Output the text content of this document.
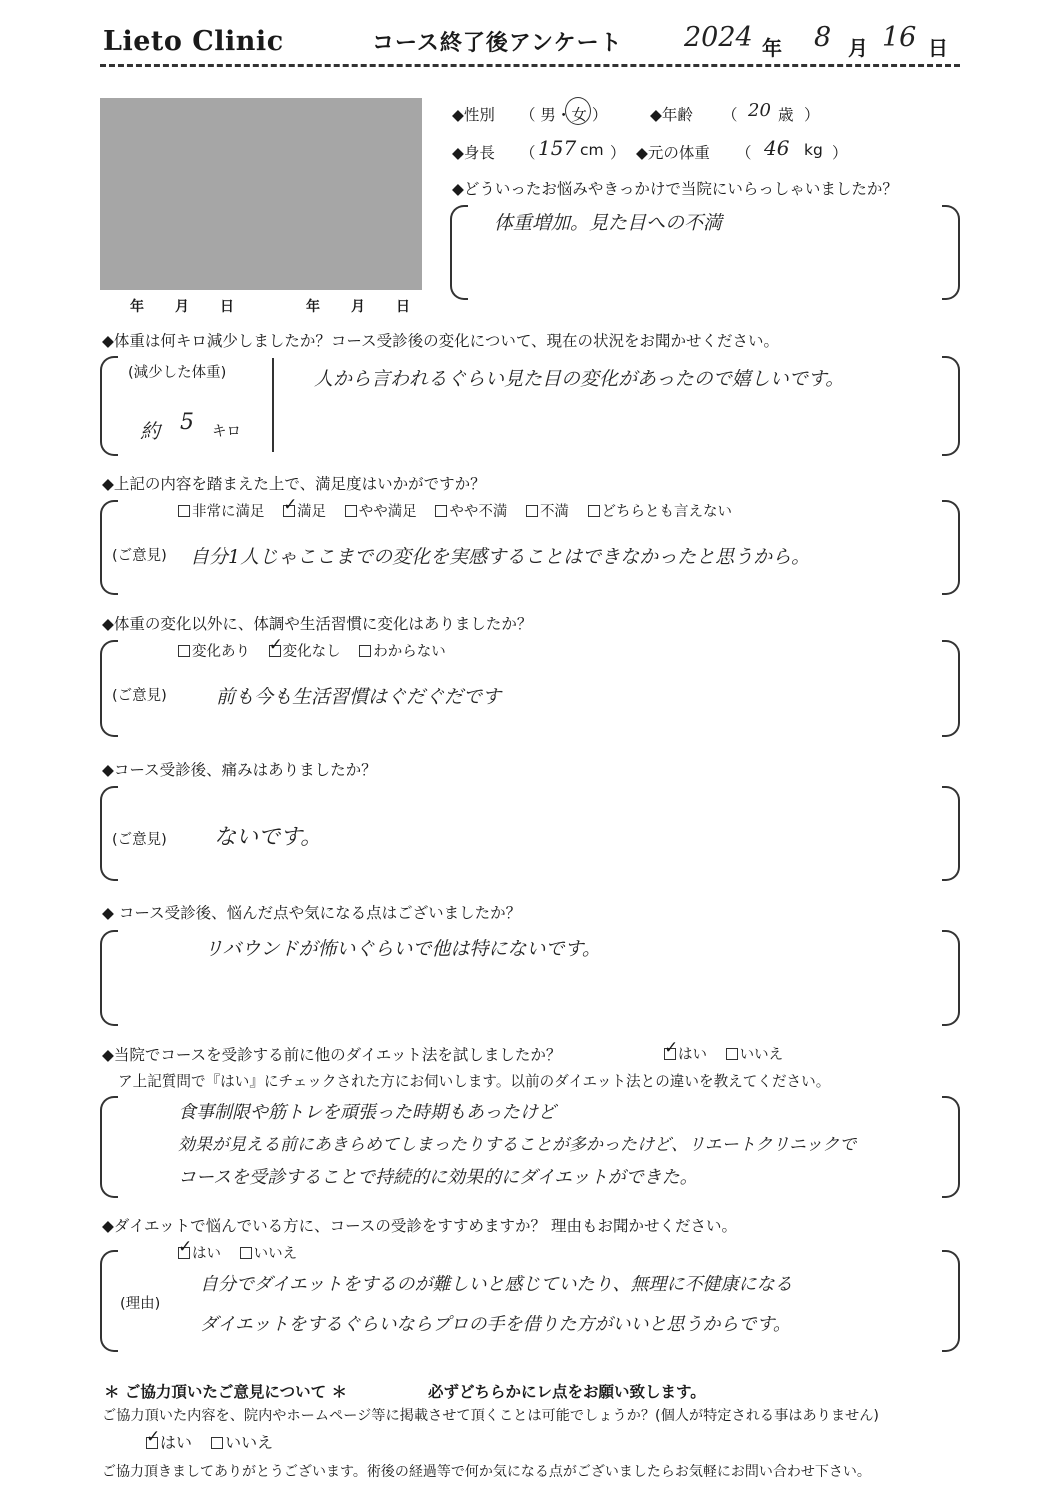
Lieto Clinic	コース終了後アンケート 2024 年 8 月 16 日
年　　月　　日	年　　月　　日
◆性別 （ 男・女 ）	◆年齢 （ 20 歳 ）
◆身長 （ 157 cm ） ◆元の体重 （ 46 kg ）
◆どういったお悩みやきっかけで当院にいらっしゃいましたか？
体重増加。見た目への不満
◆体重は何キロ減少しましたか？コース受診後の変化について、現在の状況をお聞かせください。
(減少した体重)
約 5 キロ
人から言われるぐらい見た目の変化があったので嬉しいです。
◆上記の内容を踏まえた上で、満足度はいかがですか？
非常に満足 ✓ 満足 やや満足 やや不満 不満 どちらとも言えない
(ご意見) 自分1人じゃここまでの変化を実感することはできなかったと思うから。
◆体重の変化以外に、体調や生活習慣に変化はありましたか？
変化あり ✓ 変化なし わからない
(ご意見)	前も今も生活習慣はぐだぐだです
◆コース受診後、痛みはありましたか？
(ご意見) ないです。
◆ コース受診後、悩んだ点や気になる点はございましたか？
リバウンドが怖いぐらいで他は特にないです。
◆当院でコースを受診する前に他のダイエット法を試しましたか？ ✓	はい いいえ
ア上記質問で『はい』にチェックされた方にお伺いします。以前のダイエット法との違いを教えてください。
食事制限や筋トレを頑張った時期もあったけど
効果が見える前にあきらめてしまったりすることが多かったけど、リエートクリニックで
コースを受診することで持続的に効果的にダイエットができた。
◆ダイエットで悩んでいる方に、コースの受診をすすめますか？ 理由もお聞かせください。
✓はい いいえ
(理由)
自分でダイエットをするのが難しいと感じていたり、無理に不健康になる
ダイエットをするぐらいならプロの手を借りた方がいいと思うからです。
＊ ご協力頂いたご意見について ＊	必ずどちらかにレ点をお願い致します。
ご協力頂いた内容を、院内やホームページ等に掲載させて頂くことは可能でしょうか？(個人が特定される事はありません)
✓はい いいえ
ご協力頂きましてありがとうございます。術後の経過等で何か気になる点がございましたらお気軽にお問い合わせ下さい。
